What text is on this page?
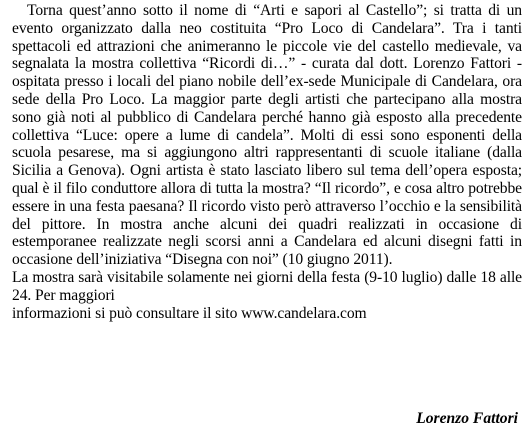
Torna quest’anno sotto il nome di “Arti e sapori al Castello”; si tratta di un evento organizzato dalla neo costituita “Pro Loco di Candelara”. Tra i tanti spettacoli ed attrazioni che animeranno le piccole vie del castello medievale, va segnalata la mostra collettiva “Ricordi di…” - curata dal dott. Lorenzo Fattori - ospitata presso i locali del piano nobile dell’ex-sede Municipale di Candelara, ora sede della Pro Loco. La maggior parte degli artisti che partecipano alla mostra sono già noti al pubblico di Candelara perché hanno già esposto alla precedente collettiva “Luce: opere a lume di candela”. Molti di essi sono esponenti della scuola pesarese, ma si aggiungono altri rappresentanti di scuole italiane (dalla Sicilia a Genova). Ogni artista è stato lasciato libero sul tema dell’opera esposta; qual è il filo conduttore allora di tutta la mostra? “Il ricordo”, e cosa altro potrebbe essere in una festa paesana? Il ricordo visto però attraverso l’occhio e la sensibilità del pittore. In mostra anche alcuni dei quadri realizzati in occasione di estemporanee realizzate negli scorsi anni a Candelara ed alcuni disegni fatti in occasione dell’iniziativa “Disegna con noi” (10 giugno 2011).

La mostra sarà visitabile solamente nei giorni della festa (9-10 luglio) dalle 18 alle 24. Per maggiori

informazioni si può consultare il sito www.candelara.com

Lorenzo Fattori
